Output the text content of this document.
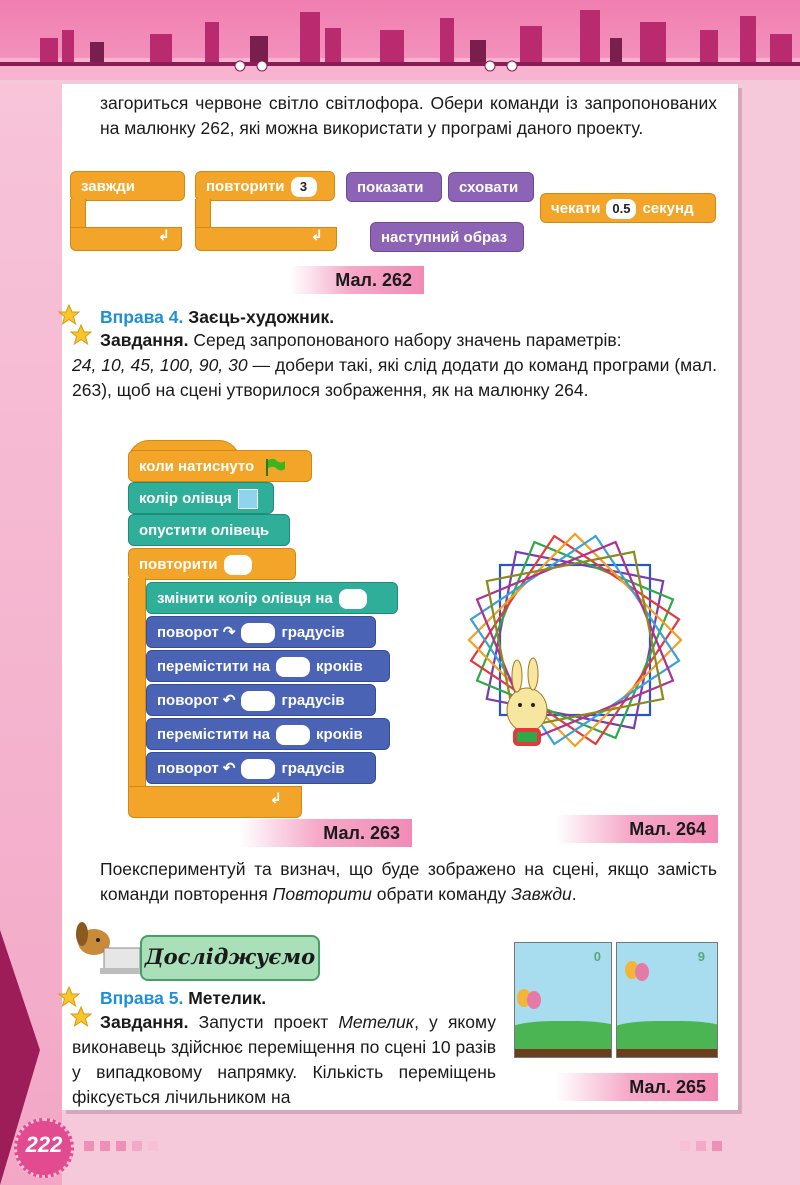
загориться червоне світло світлофора. Обери команди із запропонованих на малюнку 262, які можна використати у програмі даного проекту.
завжди
↲
повторити 3
↲
показати	сховати
чекати 0.5 секунд
наступний образ
Мал. 262
Вправа 4. Заєць-художник.
Завдання. Серед запропонованого набору значень параметрів:
24, 10, 45, 100, 90, 30 — добери такі, які слід додати до команд програми (мал. 263), щоб на сцені утворилося зображення, як на малюнку 264.
коли натиснуто
колір олівця
опустити олівець
повторити
↲
змінити колір олівця на
поворот ↷	градусів
перемістити на	кроків
поворот ↶	градусів
перемістити на	кроків
поворот ↶	градусів
Мал. 263	Мал. 264
Поекспериментуй та визнач, що буде зображено на сцені, якщо замість команди повторення Повторити обрати команду Завжди.
Досліджуємо
Вправа 5. Метелик.
Завдання. Запусти проект Метелик, у якому виконавець здійснює переміщення по сцені 10 разів у випадковому напрямку. Кількість переміщень фіксується лічильником на
0	9
Мал. 265
222
